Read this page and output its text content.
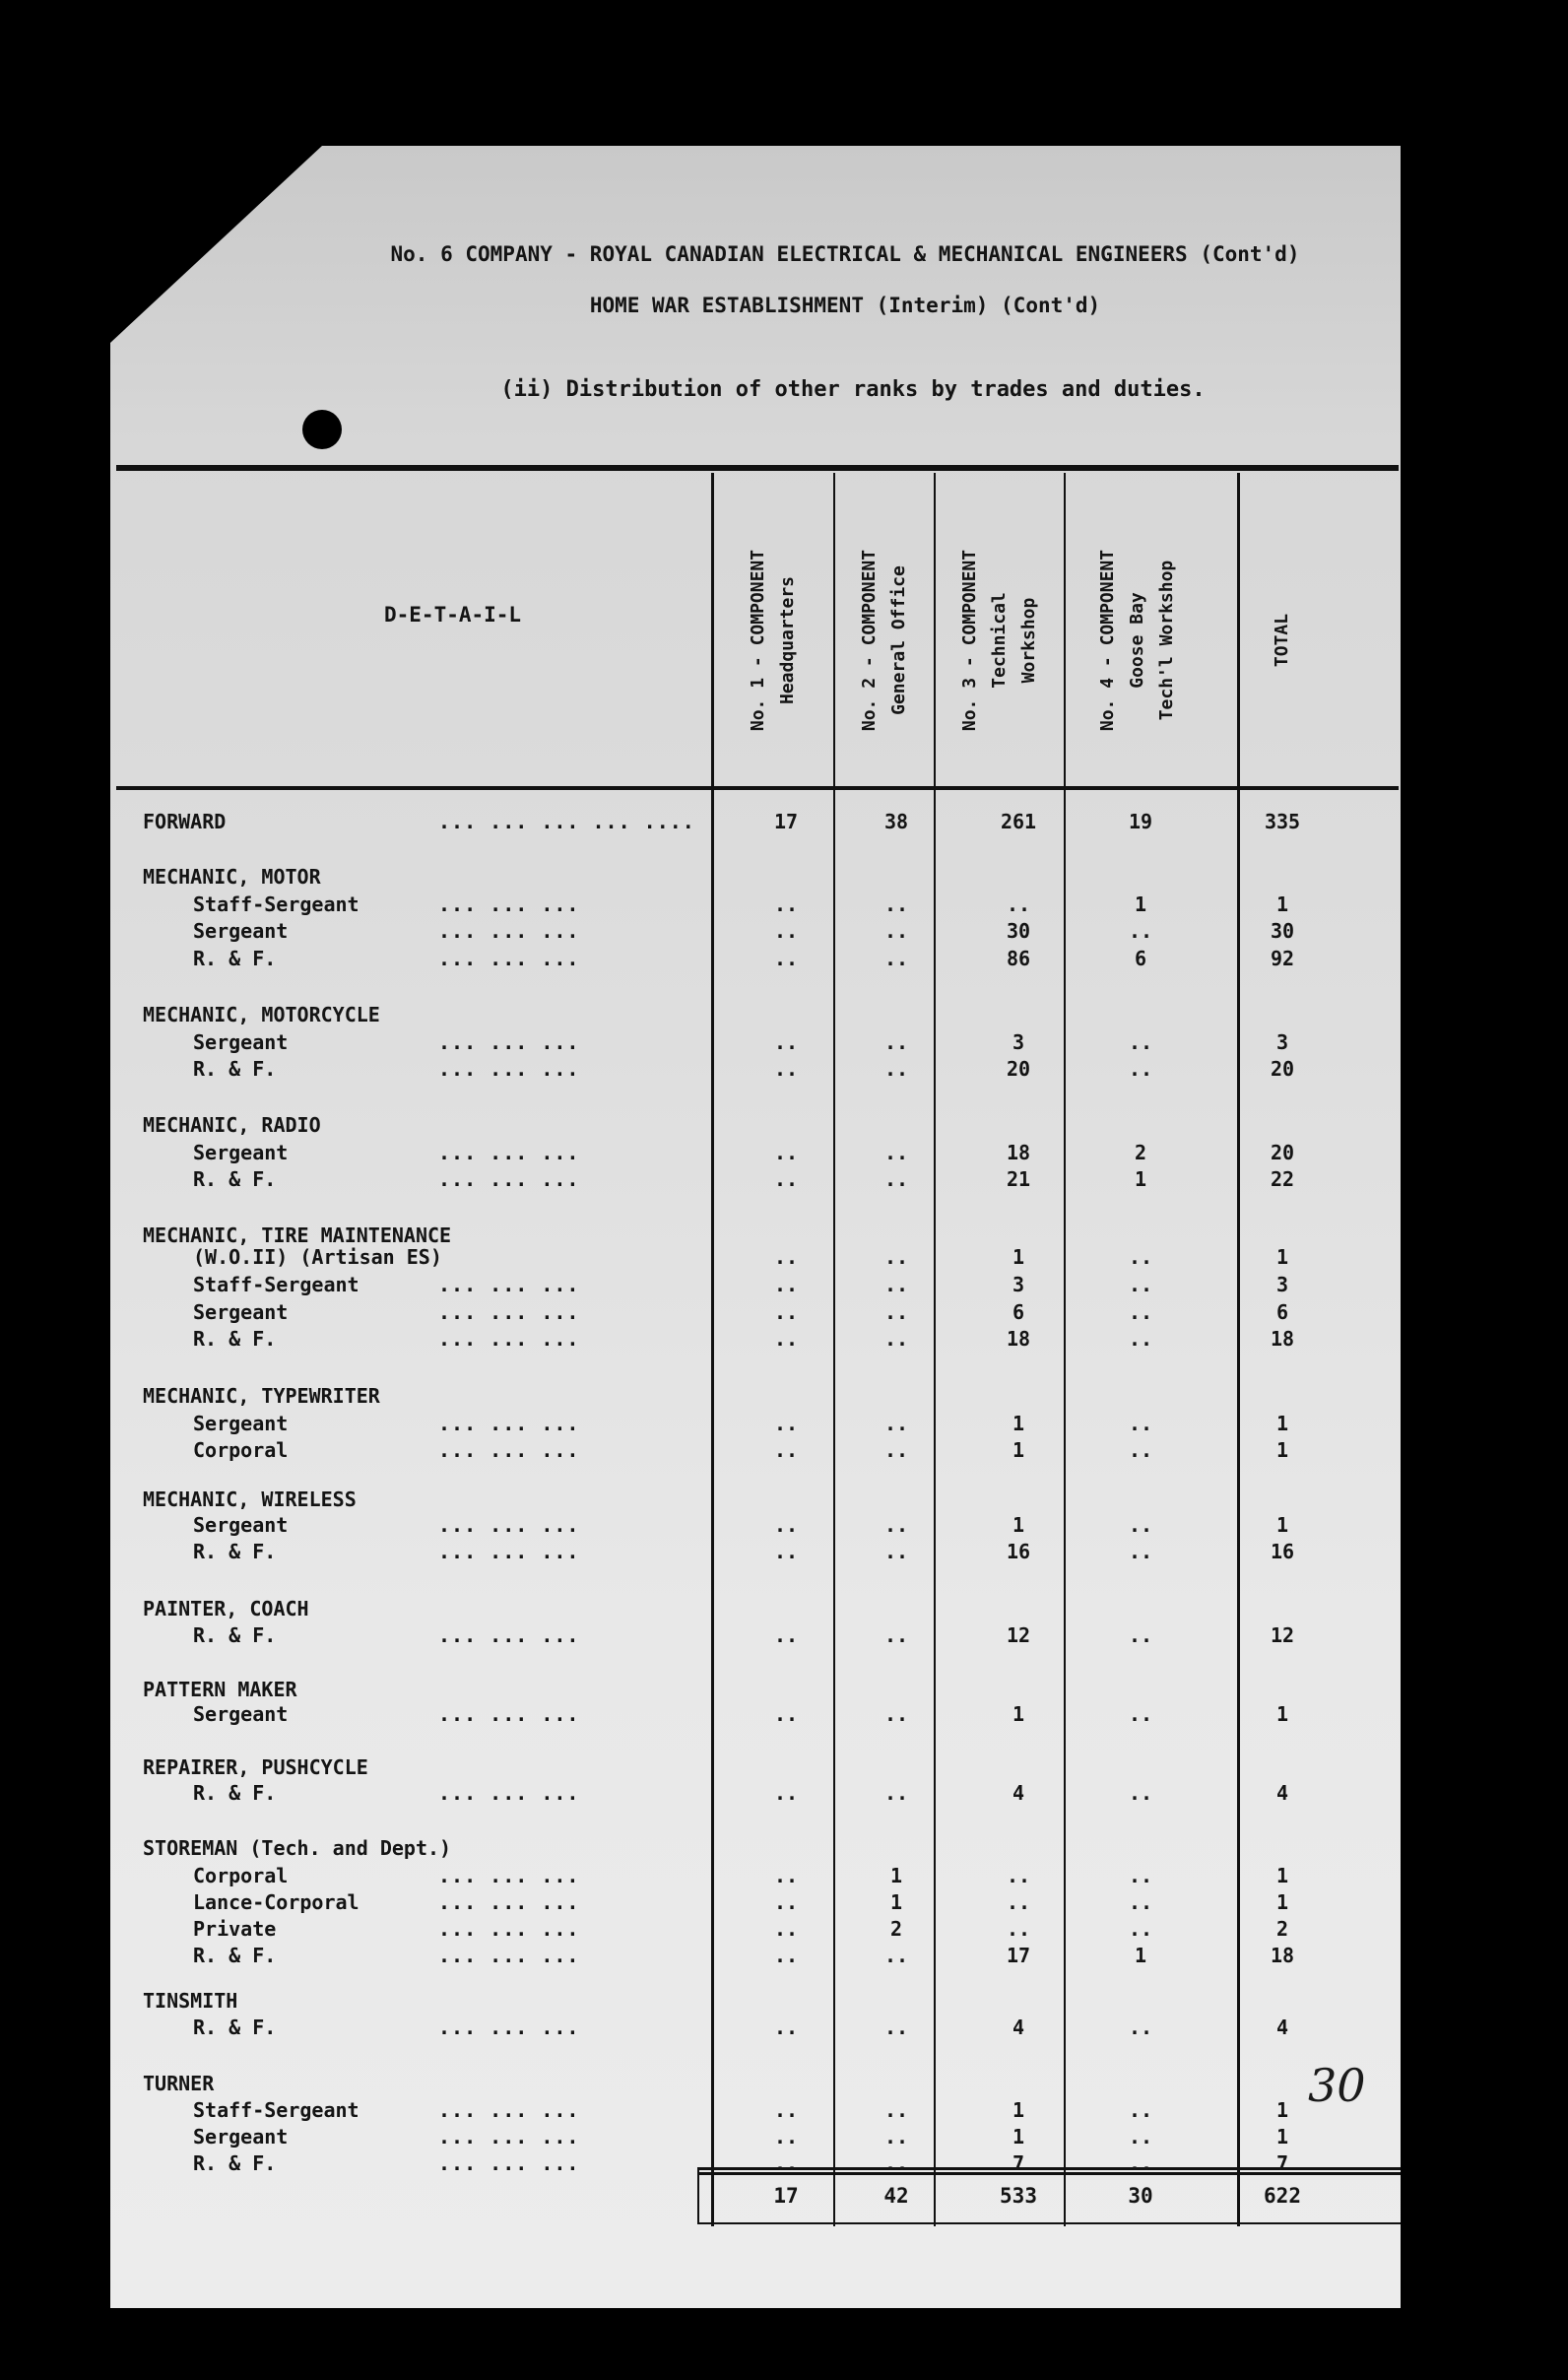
No. 6 COMPANY - ROYAL CANADIAN ELECTRICAL & MECHANICAL ENGINEERS (Cont'd)
HOME WAR ESTABLISHMENT (Interim) (Cont'd)
(ii) Distribution of other ranks by trades and duties.
D-E-T-A-I-L	No. 1 - COMPONENT Headquarters	No. 2 - COMPONENT General Office	No. 3 - COMPONENT Technical Workshop	No. 4 - COMPONENT Goose Bay Tech'l Workshop	TOTAL
FORWARD	... ... ... ... ....	17	38	261	19	335
MECHANIC, MOTOR
Staff-Sergeant	... ... ...	..	..	..	1	1
Sergeant	... ... ...	..	..	30	..	30
R. & F.	... ... ...	..	..	86	6	92
MECHANIC, MOTORCYCLE
Sergeant	... ... ...	..	..	3	..	3
R. & F.	... ... ...	..	..	20	..	20
MECHANIC, RADIO
Sergeant	... ... ...	..	..	18	2	20
R. & F.	... ... ...	..	..	21	1	22
MECHANIC, TIRE MAINTENANCE
(W.O.II) (Artisan ES)	..	..	1	..	1
Staff-Sergeant	... ... ...	..	..	3	..	3
Sergeant	... ... ...	..	..	6	..	6
R. & F.	... ... ...	..	..	18	..	18
MECHANIC, TYPEWRITER
Sergeant	... ... ...	..	..	1	..	1
Corporal	... ... ...	..	..	1	..	1
MECHANIC, WIRELESS
Sergeant	... ... ...	..	..	1	..	1
R. & F.	... ... ...	..	..	16	..	16
PAINTER, COACH
R. & F.	... ... ...	..	..	12	..	12
PATTERN MAKER
Sergeant	... ... ...	..	..	1	..	1
REPAIRER, PUSHCYCLE
R. & F.	... ... ...	..	..	4	..	4
STOREMAN (Tech. and Dept.)
Corporal	... ... ...	..	1	..	..	1
Lance-Corporal	... ... ...	..	1	..	..	1
Private	... ... ...	..	2	..	..	2
R. & F.	... ... ...	..	..	17	1	18
TINSMITH
R. & F.	... ... ...	..	..	4	..	4
TURNER
Staff-Sergeant	... ... ...	..	..	1	..	1
Sergeant	... ... ...	..	..	1	..	1
R. & F.	... ... ...	..	..	7	..	7
17	42	533	30	622
30
